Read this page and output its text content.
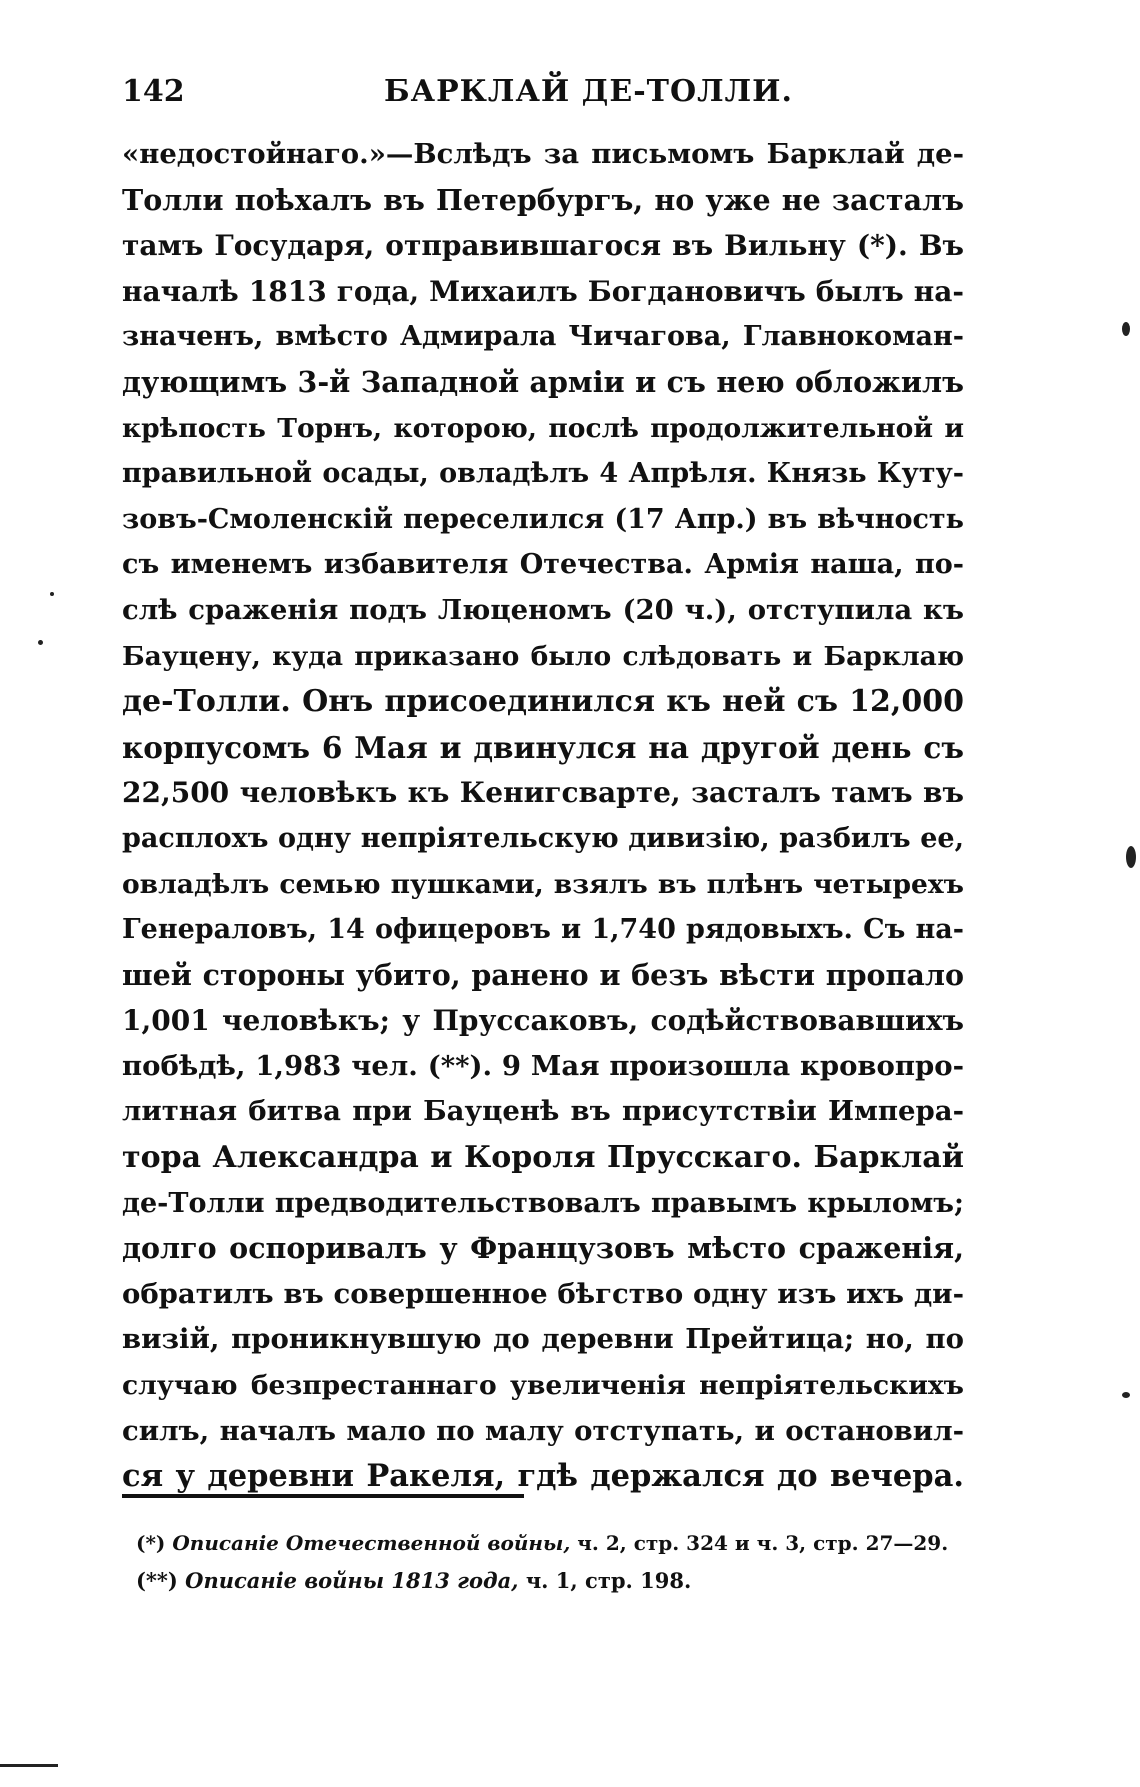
142	БАРКЛАЙ ДЕ-ТОЛЛИ.
«недостойнаго.»—Вслѣдъ за письмомъ Барклай де-
Толли поѣхалъ въ Петербургъ, но уже не засталъ
тамъ Государя, отправившагося въ Вильну (*). Въ
началѣ 1813 года, Михаилъ Богдановичъ былъ на-
значенъ, вмѣсто Адмирала Чичагова, Главнокоман-
дующимъ 3-й Западной арміи и съ нею обложилъ
крѣпость Торнъ, которою, послѣ продолжительной и
правильной осады, овладѣлъ 4 Апрѣля. Князь Куту-
зовъ-Смоленскій переселился (17 Апр.) въ вѣчность
съ именемъ избавителя Отечества. Армія наша, по-
слѣ сраженія подъ Люценомъ (20 ч.), отступила къ
Бауцену, куда приказано было слѣдовать и Барклаю
де-Толли. Онъ присоединился къ ней съ 12,000
корпусомъ 6 Мая и двинулся на другой день съ
22,500 человѣкъ къ Кенигсварте, засталъ тамъ въ
расплохъ одну непріятельскую дивизію, разбилъ ее,
овладѣлъ семью пушками, взялъ въ плѣнъ четырехъ
Генераловъ, 14 офицеровъ и 1,740 рядовыхъ. Съ на-
шей стороны убито, ранено и безъ вѣсти пропало
1,001 человѣкъ; у Пруссаковъ, содѣйствовавшихъ
побѣдѣ, 1,983 чел. (**). 9 Мая произошла кровопро-
литная битва при Бауценѣ въ присутствіи Импера-
тора Александра и Короля Прусскаго. Барклай
де-Толли предводительствовалъ правымъ крыломъ;
долго оспоривалъ у Французовъ мѣсто сраженія,
обратилъ въ совершенное бѣгство одну изъ ихъ ди-
визій, проникнувшую до деревни Прейтица; но, по
случаю безпрестаннаго увеличенія непріятельскихъ
силъ, началъ мало по малу отступать, и остановил-
ся у деревни Ракеля, гдѣ держался до вечера.
(*) Описаніе Отечественной войны, ч. 2, стр. 324 и ч. 3, стр. 27—29.
(**) Описаніе войны 1813 года, ч. 1, стр. 198.
